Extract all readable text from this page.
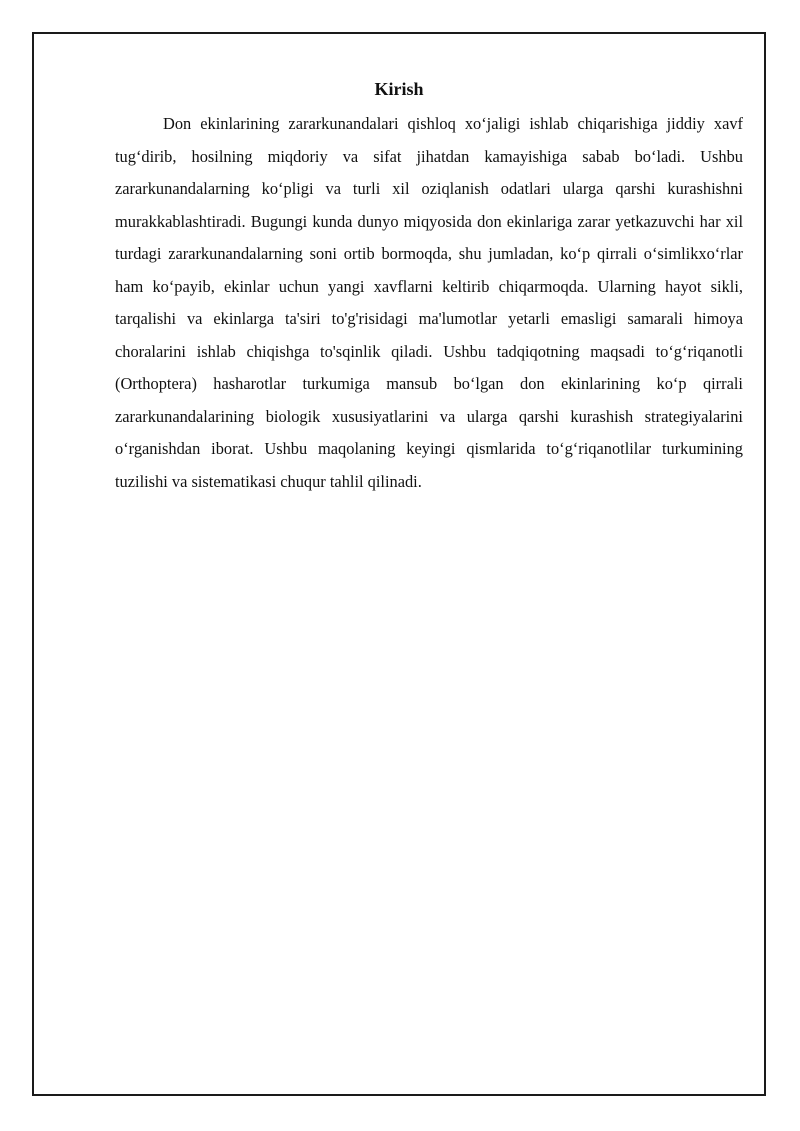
Kirish

Don ekinlarining zararkunandalari qishloq xo‘jaligi ishlab chiqarishiga jiddiy xavf tug‘dirib, hosilning miqdoriy va sifat jihatdan kamayishiga sabab bo‘ladi. Ushbu zararkunandalarning ko‘pligi va turli xil oziqlanish odatlari ularga qarshi kurashishni murakkablashtiradi. Bugungi kunda dunyo miqyosida don ekinlariga zarar yetkazuvchi har xil turdagi zararkunandalarning soni ortib bormoqda, shu jumladan, ko‘p qirrali o‘simlikxo‘rlar ham ko‘payib, ekinlar uchun yangi xavflarni keltirib chiqarmoqda. Ularning hayot sikli, tarqalishi va ekinlarga ta'siri to'g'risidagi ma'lumotlar yetarli emasligi samarali himoya choralarini ishlab chiqishga to'sqinlik qiladi. Ushbu tadqiqotning maqsadi to‘g‘riqanotli (Orthoptera) hasharotlar turkumiga mansub bo‘lgan don ekinlarining ko‘p qirrali zararkunandalarining biologik xususiyatlarini va ularga qarshi kurashish strategiyalarini o‘rganishdan iborat. Ushbu maqolaning keyingi qismlarida to‘g‘riqanotlilar turkumining tuzilishi va sistematikasi chuqur tahlil qilinadi.
